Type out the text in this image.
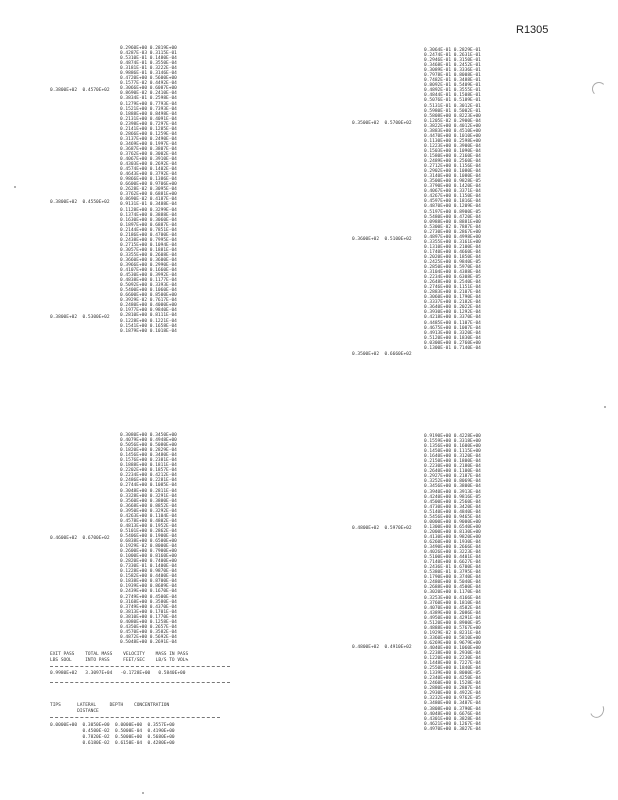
R1305
0.2960E+00 0.2819E+00
0.4287E-03 0.3115E-01
0.5310E-01 0.1480E-04
0.4874E-01 0.3550E-04
0.3181E-01 0.3222E-04
0.9886E-01 0.3146E-04
0.4720E+00 0.5600E+00
0.1577E-02 0.4492E-04
0.3066E+00 0.6087E+00
0.8690E-02 0.2410E-04
0.3834E-01 0.2598E-04
0.1279E+00 0.7793E-04
0.1521E+00 0.7393E-04
0.1888E+00 0.8498E-04
0.2131E+00 0.4091E-04
0.2398E+00 0.7297E-04
0.2141E+00 0.1285E-04
0.2866E+00 0.1259E-04
0.3137E+00 0.2490E-04
0.3469E+00 0.1997E-04
0.3687E+00 0.3807E-04
0.3762E+00 0.3002E-04
0.4067E+00 0.3910E-04
0.4303E+00 0.2692E-04
0.4574E+00 0.1402E-04
0.4643E+00 0.3792E-04
0.9866E+00 0.1386E-04
0.6600E+00 0.9706E+00
0.2628E-02 0.3095E-04
0.3762E+00 0.6881E+00
0.8690E-02 0.4187E-04
0.9131E-01 0.3488E-04
0.1128E+00 0.3299E-04
0.1374E+00 0.3888E-04
0.1630E+00 0.3060E-04
0.1897E+00 0.6887E-04
0.2144E+00 0.7851E-04
0.2186E+00 0.4700E-04
0.2438E+00 0.7995E-04
0.2715E+00 0.1094E-04
0.3057E+00 0.1881E-04
0.3355E+00 0.2608E-04
0.3660E+00 0.3600E-04
0.3966E+00 0.2990E-04
0.4107E+00 0.1660E-04
0.4530E+00 0.3992E-04
0.4838E+00 0.1177E-04
0.5092E+00 0.3393E-04
0.5400E+00 0.1060E-04
0.6600E+00 0.8500E+00
0.3929E-02 0.7617E-04
0.2480E+00 0.4000E+00
0.1977E+00 0.9840E-04
0.2810E+00 0.8111E-04
0.1228E+00 0.1221E-04
0.1541E+00 0.1658E-04
0.1879E+00 0.1018E-04
0.3064E-01 0.2829E-01
0.2474E-01 0.2631E-01
0.2946E-01 0.3150E-01
0.3468E-01 0.2452E-01
0.3089E-01 0.3336E-01
0.7978E-01 0.8008E-01
0.7482E-01 0.3488E-01
0.8092E-01 0.5409E-01
0.4892E-01 0.3555E-01
0.4844E-01 0.1508E-01
0.5076E-01 0.5189E-01
0.5131E-01 0.3012E-01
0.5980E-01 0.5002E-01
0.5808E+00 0.8223E+00
0.1205E-02 0.2900E-04
0.3822E+00 0.4012E+00
0.3883E+00 0.4510E+00
0.4470E+00 0.1010E+00
0.1130E+00 0.2598E+00
0.1223E+00 0.3900E-04
0.1503E+00 0.1090E-04
0.1580E+00 0.2160E-04
0.2489E+00 0.2560E-04
0.2712E+00 0.1156E-04
0.2902E+00 0.1080E-04
0.3140E+00 0.1080E-04
0.3500E+00 0.9828E-05
0.3790E+00 0.1420E-04
0.4067E+00 0.3371E-04
0.4267E+00 0.1150E-04
0.4597E+00 0.1816E-04
0.4870E+00 0.1209E-04
0.5197E+00 0.8900E-05
0.5480E+00 0.4720E-04
0.0988E+00 0.8881E+00
0.5300E-02 0.7887E-04
0.2730E+00 0.2867E+00
0.4897E+00 0.4998E+00
0.3355E+00 0.3161E+00
0.1310E+00 0.2100E-04
0.1740E+00 0.4660E-04
0.2020E+00 0.1850E-04
0.2425E+00 0.9840E-05
0.2850E+00 0.5970E-04
0.3104E+00 0.4388E-04
0.2234E+00 0.6308E-05
0.2648E+00 0.2540E-04
0.2746E+00 0.1151E-04
0.2883E+00 0.2107E-04
0.3060E+00 0.1790E-04
0.3337E+00 0.2182E-04
0.3640E+00 0.2022E-04
0.3930E+00 0.1292E-04
0.4218E+00 0.3370E-04
0.4485E+00 0.1107E-04
0.4675E+00 0.1007E-04
0.4913E+00 0.3320E-04
0.5120E+00 0.1830E-04
0.0300E+00 0.2760E+00
0.1300E-01 0.7140E-04
0.3080E+00 0.3450E+00
0.4079E+00 0.4948E+00
0.5056E+00 0.5080E+00
0.1820E+00 0.2829E-04
0.1456E+00 0.3480E-04
0.1576E+00 0.2381E-04
0.1888E+00 0.1811E-04
0.2202E+00 0.1857E-04
0.2234E+00 0.4212E-04
0.2486E+00 0.2281E-04
0.2744E+00 0.1085E-04
0.3048E+00 0.2811E-04
0.3328E+00 0.3291E-04
0.3560E+00 0.3800E-04
0.3668E+00 0.8852E-04
0.3950E+00 0.3292E-04
0.4263E+00 0.1104E-04
0.4578E+00 0.4802E-04
0.4813E+00 0.1952E-04
0.5101E+00 0.2862E-04
0.5406E+00 0.1900E-04
0.6838E+00 0.6500E+00
0.1929E-02 0.8000E-04
0.2600E+00 0.7900E+00
0.1000E+00 0.8160E+00
0.2820E+00 0.7400E+00
0.7330E-01 0.1400E-04
0.1228E+00 0.9870E-04
0.1582E+00 0.4400E-04
0.1838E+00 0.8700E-04
0.1939E+00 0.8689E-04
0.2439E+00 0.1670E-04
0.2749E+00 0.4500E-04
0.3168E+00 0.3580E-04
0.3749E+00 0.4370E-04
0.3813E+00 0.1701E-04
0.3810E+00 0.1770E-04
0.4080E+00 0.1258E-04
0.4350E+00 0.2657E-04
0.4570E+00 0.3582E-04
0.4872E+00 0.5692E-04
0.5048E+00 0.2691E-04
0.9190E+00 0.4228E+00
0.1559E+00 0.3318E+00
0.1356E+00 0.1600E+00
0.1450E+00 0.1115E+00
0.1640E+00 0.3120E-04
0.2150E+00 0.1800E-04
0.2230E+00 0.2180E-04
0.2640E+00 0.1100E-04
0.2927E+00 0.2187E-04
0.3252E+00 0.8069E-04
0.3456E+00 0.3800E-04
0.3940E+00 0.3913E-04
0.4240E+00 0.9816E-05
0.4500E+00 0.2560E-04
0.4730E+00 0.3420E-04
0.5140E+00 0.4840E-04
0.5456E+00 0.9465E-04
0.0000E+00 0.9000E+00
0.1300E+00 0.6540E+00
0.2000E+00 0.8130E+00
0.4130E+00 0.9820E+00
0.6260E+00 0.1930E-04
0.3490E+00 0.2666E-04
0.4026E+00 0.3223E-04
0.5100E+00 0.4401E-04
0.7140E+00 0.6627E-04
0.2436E-01 0.6700E-04
0.5380E-01 0.3795E-04
0.1790E+00 0.3740E-04
0.2480E+00 0.5040E-04
0.2688E+00 0.4500E-04
0.3020E+00 0.1170E-04
0.3253E+00 0.4166E-04
0.3760E+00 0.1810E-04
0.4070E+00 0.4582E-04
0.4389E+00 0.2086E-04
0.4950E+00 0.4291E-04
0.5120E+00 0.8900E-05
0.4888E+00 0.5767E+00
0.1929E-02 0.8231E-04
0.3360E+00 0.5810E+00
0.6269E+00 0.9679E+00
0.4040E+00 0.1060E+00
0.2238E+00 0.2930E-04
0.1220E+00 0.2230E-04
0.1448E+00 0.7227E-04
0.2550E+00 0.1840E-04
0.1339E+00 0.8000E-05
0.2340E+00 0.4250E-04
0.2460E+00 0.1528E-04
0.2880E+00 0.2807E-04
0.2930E+00 0.4922E-04
0.3232E+00 0.9762E-05
0.3480E+00 0.3487E-04
0.3808E+00 0.3790E-04
0.4048E+00 0.6676E-04
0.4301E+00 0.3828E-04
0.4621E+00 0.1267E-04
0.4970E+00 0.3827E-04
0.3800E+02  0.4570E+02
0.3800E+02  0.4550E+02
0.3800E+02  0.5300E+02
0.3500E+02  0.5700E+02
0.3600E+02  0.5100E+02
0.3500E+02  0.6660E+02
0.4600E+02  0.6700E+02
0.4800E+02  0.5970E+02
0.4800E+02  0.4910E+02
EXIT PASS    TOTAL MASS    VELOCITY    MASS IN PASS
LBS SOOL     INTO PASS     FEET/SEC    LB/S TO VOL%
0.9980E+02   3.3097E+04   -0.1728E+00   0.5840E+00
TIPS      LATERAL     DEPTH    CONCENTRATION
DISTANCE
0.0000E+00  0.3050E+00  0.0000E+00  0.3557E+00
0.4500E-02  0.5000E-04  0.4190E+00
0.7820E-02  0.5000E+00  0.5680E+00
0.6180E-02  0.6150E-04  0.4280E+00
